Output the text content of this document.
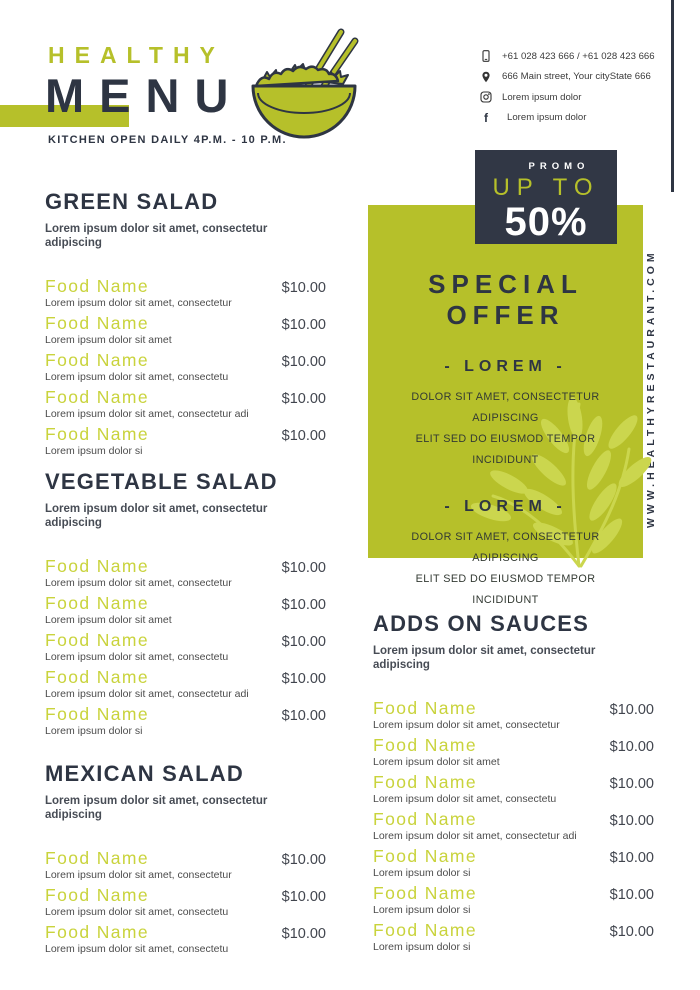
HEALTHY
MENU
KITCHEN OPEN DAILY 4P.M. - 10 P.M.
+61 028 423 666 / +61 028 423 666
666 Main street, Your cityState 666
Lorem ipsum dolor
f	Lorem ipsum dolor
WWW.HEALTHYRESTAURANT.COM
PROMO
UP TO
50%
SPECIAL OFFER
- LOREM -
DOLOR SIT AMET, CONSECTETUR ADIPISCING
ELIT SED DO EIUSMOD TEMPOR INCIDIDUNT
- LOREM -
DOLOR SIT AMET, CONSECTETUR ADIPISCING
ELIT SED DO EIUSMOD TEMPOR INCIDIDUNT
GREEN SALAD

Lorem ipsum dolor sit amet, consectetur adipiscing

Food Name	$10.00
Lorem ipsum dolor sit amet, consectetur
Food Name	$10.00
Lorem ipsum dolor sit amet
Food Name	$10.00
Lorem ipsum dolor sit amet, consectetu
Food Name	$10.00
Lorem ipsum dolor sit amet, consectetur adi
Food Name	$10.00
Lorem ipsum dolor si
VEGETABLE SALAD

Lorem ipsum dolor sit amet, consectetur adipiscing

Food Name	$10.00
Lorem ipsum dolor sit amet, consectetur
Food Name	$10.00
Lorem ipsum dolor sit amet
Food Name	$10.00
Lorem ipsum dolor sit amet, consectetu
Food Name	$10.00
Lorem ipsum dolor sit amet, consectetur adi
Food Name	$10.00
Lorem ipsum dolor si
MEXICAN SALAD

Lorem ipsum dolor sit amet, consectetur adipiscing

Food Name	$10.00
Lorem ipsum dolor sit amet, consectetur
Food Name	$10.00
Lorem ipsum dolor sit amet, consectetu
Food Name	$10.00
Lorem ipsum dolor sit amet, consectetu
ADDS ON SAUCES

Lorem ipsum dolor sit amet, consectetur adipiscing

Food Name	$10.00
Lorem ipsum dolor sit amet, consectetur
Food Name	$10.00
Lorem ipsum dolor sit amet
Food Name	$10.00
Lorem ipsum dolor sit amet, consectetu
Food Name	$10.00
Lorem ipsum dolor sit amet, consectetur adi
Food Name	$10.00
Lorem ipsum dolor si
Food Name	$10.00
Lorem ipsum dolor si
Food Name	$10.00
Lorem ipsum dolor si
